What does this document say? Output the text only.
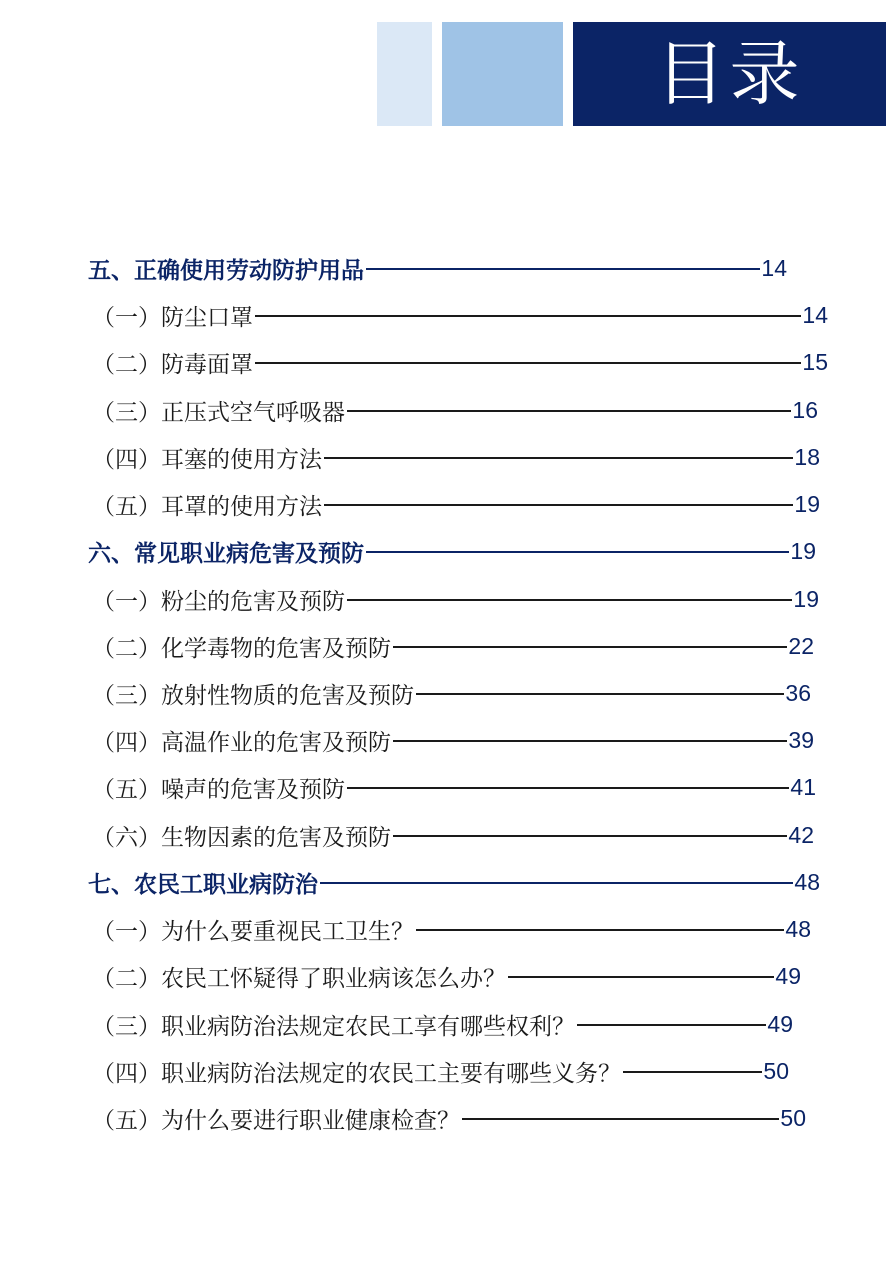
目录
五、正确使用劳动防护用品	14
（一）防尘口罩	14
（二）防毒面罩	15
（三）正压式空气呼吸器	16
（四）耳塞的使用方法	18
（五）耳罩的使用方法	19
六、常见职业病危害及预防	19
（一）粉尘的危害及预防	19
（二）化学毒物的危害及预防	22
（三）放射性物质的危害及预防	36
（四）高温作业的危害及预防	39
（五）噪声的危害及预防	41
（六）生物因素的危害及预防	42
七、农民工职业病防治	48
（一）为什么要重视民工卫生？	48
（二）农民工怀疑得了职业病该怎么办？	49
（三）职业病防治法规定农民工享有哪些权利？	49
（四）职业病防治法规定的农民工主要有哪些义务？	50
（五）为什么要进行职业健康检查？	50
